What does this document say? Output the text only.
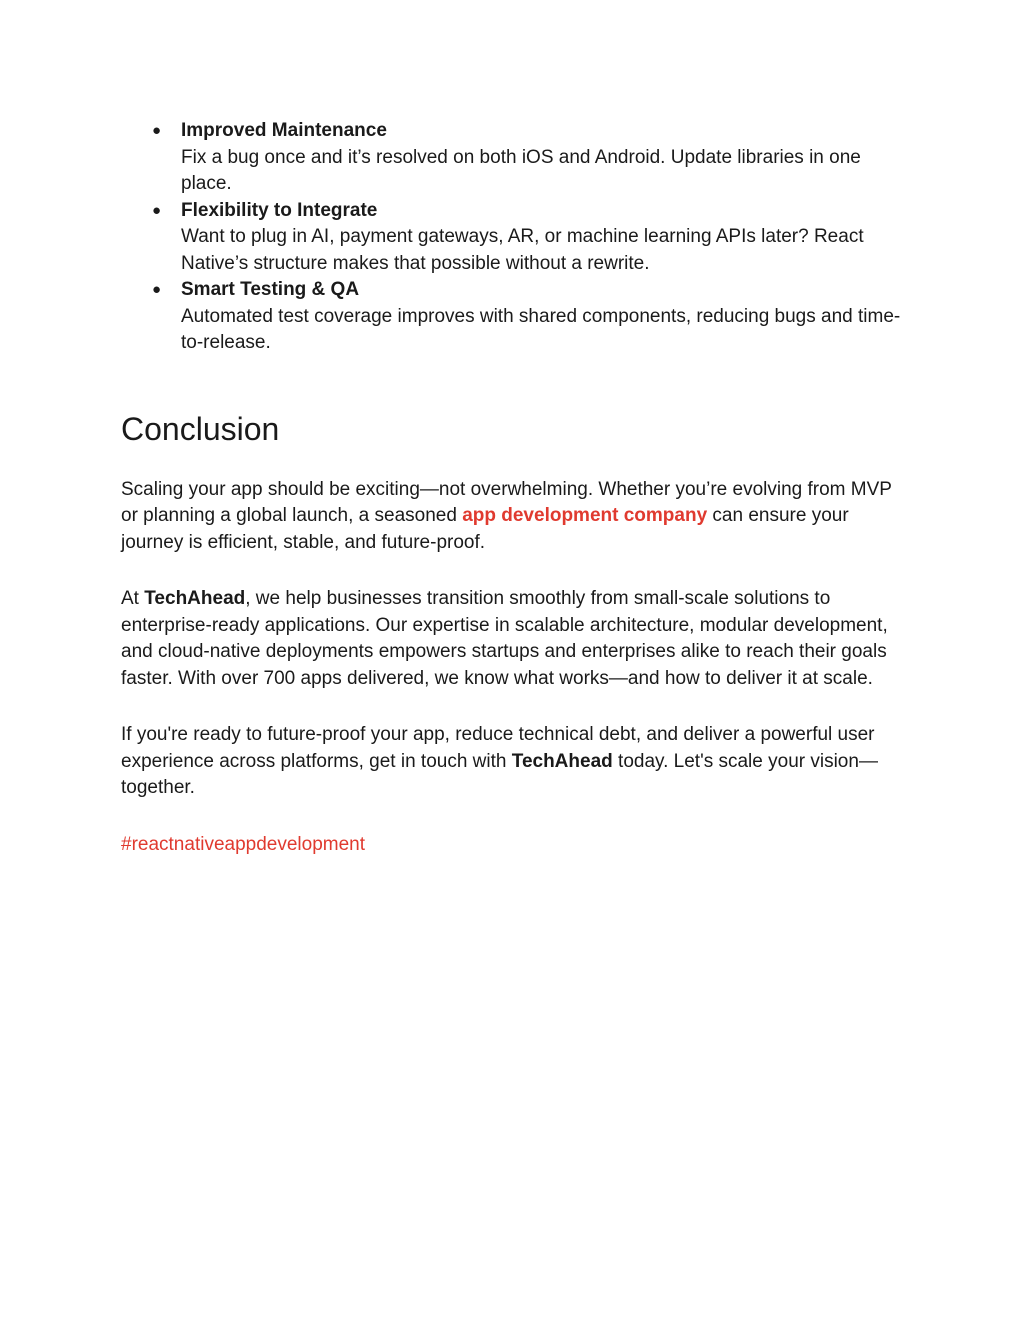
● Improved Maintenance
Fix a bug once and it’s resolved on both iOS and Android. Update libraries in one place.
● Flexibility to Integrate
Want to plug in AI, payment gateways, AR, or machine learning APIs later? React Native’s structure makes that possible without a rewrite.
● Smart Testing & QA
Automated test coverage improves with shared components, reducing bugs and time-to-release.
Conclusion

Scaling your app should be exciting—not overwhelming. Whether you’re evolving from MVP or planning a global launch, a seasoned app development company can ensure your journey is efficient, stable, and future-proof.

At TechAhead, we help businesses transition smoothly from small-scale solutions to enterprise-ready applications. Our expertise in scalable architecture, modular development, and cloud-native deployments empowers startups and enterprises alike to reach their goals faster. With over 700 apps delivered, we know what works—and how to deliver it at scale.

If you're ready to future-proof your app, reduce technical debt, and deliver a powerful user experience across platforms, get in touch with TechAhead today. Let's scale your vision—together.

#reactnativeappdevelopment
